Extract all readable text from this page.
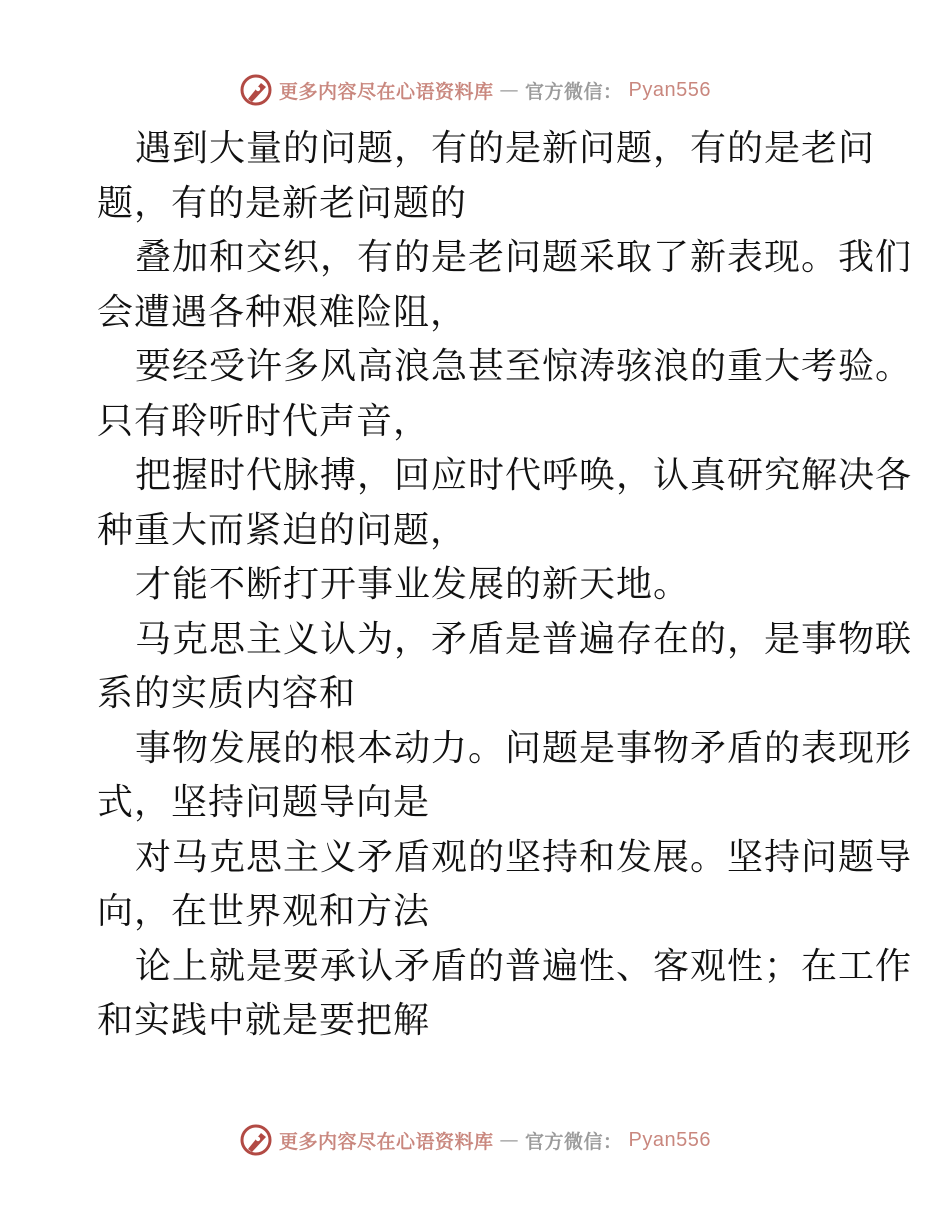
更多内容尽在心语资料库 — 官方微信： Pyan556
遇到大量的问题，有的是新问题，有的是老问
题，有的是新老问题的
叠加和交织，有的是老问题采取了新表现。我们
会遭遇各种艰难险阻，
要经受许多风高浪急甚至惊涛骇浪的重大考验。
只有聆听时代声音，
把握时代脉搏，回应时代呼唤，认真研究解决各
种重大而紧迫的问题，
才能不断打开事业发展的新天地。
马克思主义认为，矛盾是普遍存在的，是事物联
系的实质内容和
事物发展的根本动力。问题是事物矛盾的表现形
式，坚持问题导向是
对马克思主义矛盾观的坚持和发展。坚持问题导
向，在世界观和方法
论上就是要承认矛盾的普遍性、客观性；在工作
和实践中就是要把解
更多内容尽在心语资料库 — 官方微信： Pyan556
